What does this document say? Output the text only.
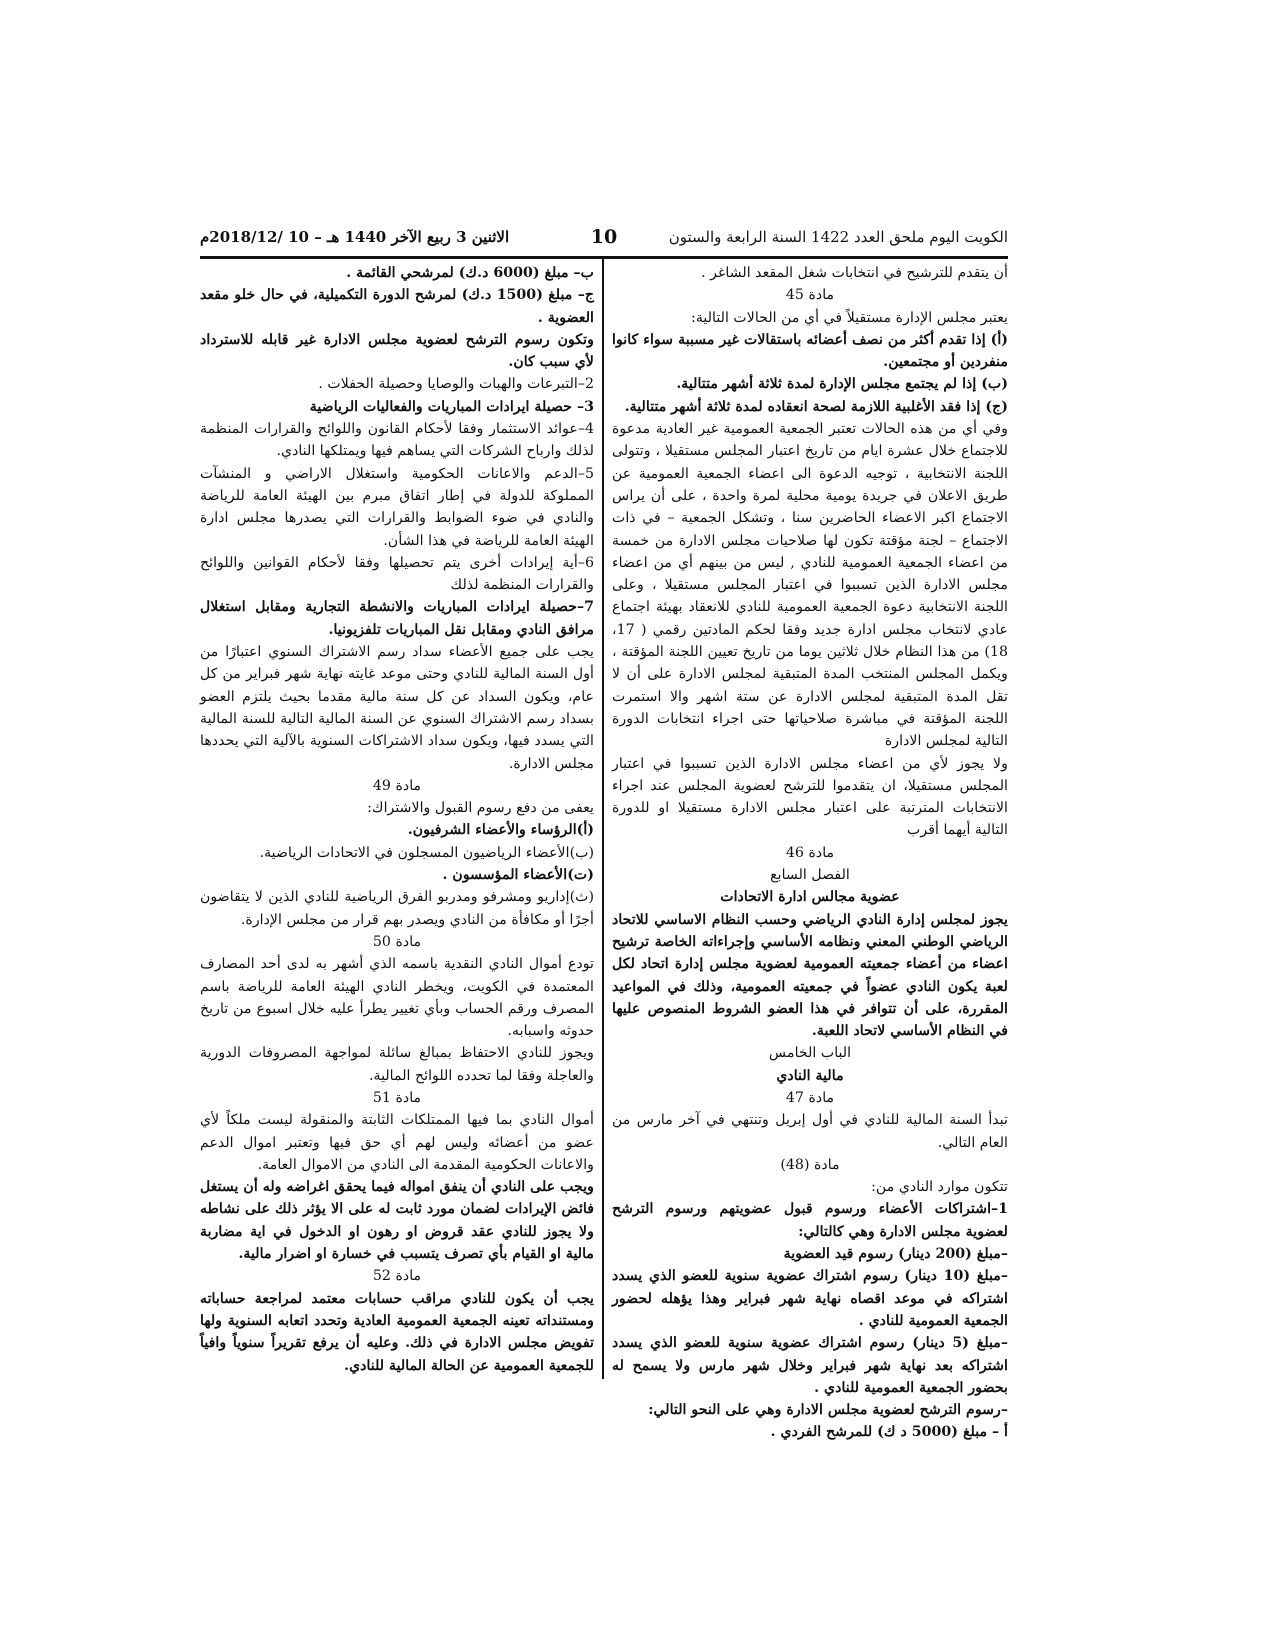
الكويت اليوم ملحق العدد 1422 السنة الرابعة والستون
10
الاثنين 3 ربيع الآخر 1440 هـ – 10 /2018/12م

أن يتقدم للترشيح في انتخابات شغل المقعد الشاغر .

مادة 45

يعتبر مجلس الإدارة مستقيلاً في أي من الحالات التالية:

(أ) إذا تقدم أكثر من نصف أعضائه باستقالات غير مسببة سواء كانوا منفردين أو مجتمعين.

(ب) إذا لم يجتمع مجلس الإدارة لمدة ثلاثة أشهر متتالية.

(ج) إذا فقد الأغلبية اللازمة لصحة انعقاده لمدة ثلاثة أشهر متتالية.

وفي أي من هذه الحالات تعتبر الجمعية العمومية غير العادية مدعوة للاجتماع خلال عشرة ايام من تاريخ اعتبار المجلس مستقيلا ، وتتولى اللجنة الانتخابية ، توجيه الدعوة الى اعضاء الجمعية العمومية عن طريق الاعلان في جريدة يومية محلية لمرة واحدة ، على أن يراس الاجتماع اكبر الاعضاء الحاضرين سنا ، وتشكل الجمعية – في ذات الاجتماع – لجنة مؤقتة تكون لها صلاحيات مجلس الادارة من خمسة من اعضاء الجمعية العمومية للنادي , ليس من بينهم أي من اعضاء مجلس الادارة الذين تسببوا في اعتبار المجلس مستقيلا ، وعلى اللجنة الانتخابية دعوة الجمعية العمومية للنادي للانعقاد بهيئة اجتماع عادي لانتخاب مجلس ادارة جديد وفقا لحكم المادتين رقمي ( 17، 18) من هذا النظام خلال ثلاثين يوما من تاريخ تعيين اللجنة المؤقتة ، ويكمل المجلس المنتخب المدة المتبقية لمجلس الادارة على أن لا تقل المدة المتبقية لمجلس الادارة عن ستة اشهر والا استمرت اللجنة المؤقتة في مباشرة صلاحياتها حتى اجراء انتخابات الدورة التالية لمجلس الادارة

ولا يجوز لأي من اعضاء مجلس الادارة الذين تسببوا في اعتبار المجلس مستقيلا، ان يتقدموا للترشح لعضوية المجلس عند اجراء الانتخابات المترتبة على اعتبار مجلس الادارة مستقيلا او للدورة التالية أيهما أقرب

مادة 46

الفصل السابع

عضوية مجالس ادارة الاتحادات

يجوز لمجلس إدارة النادي الرياضي وحسب النظام الاساسي للاتحاد الرياضي الوطني المعني ونظامه الأساسي وإجراءاته الخاصة ترشيح اعضاء من أعضاء جمعيته العمومية لعضوية مجلس إدارة اتحاد لكل لعبة يكون النادي عضواً في جمعيته العمومية، وذلك في المواعيد المقررة، على أن تتوافر في هذا العضو الشروط المنصوص عليها في النظام الأساسي لاتحاد اللعبة.

الباب الخامس

مالية النادي

مادة 47

تبدأ السنة المالية للنادي في أول إبريل وتنتهي في آخر مارس من العام التالي.

مادة (48)

تتكون موارد النادي من:

1–اشتراكات الأعضاء ورسوم قبول عضويتهم ورسوم الترشح لعضوية مجلس الادارة وهي كالتالي:

–مبلغ (200 دينار) رسوم قيد العضوية

–مبلغ (10 دينار) رسوم اشتراك عضوية سنوية للعضو الذي يسدد اشتراكه في موعد اقصاه نهاية شهر فبراير وهذا يؤهله لحضور الجمعية العمومية للنادي .

–مبلغ (5 دينار) رسوم اشتراك عضوية سنوية للعضو الذي يسدد اشتراكه بعد نهاية شهر فبراير وخلال شهر مارس ولا يسمح له بحضور الجمعية العمومية للنادي .

–رسوم الترشح لعضوية مجلس الادارة وهي على النحو التالي:

أ – مبلغ (5000 د ك) للمرشح الفردي .

ب– مبلغ (6000 د.ك) لمرشحي القائمة .

ج– مبلغ (1500 د.ك) لمرشح الدورة التكميلية، في حال خلو مقعد العضوية .

وتكون رسوم الترشح لعضوية مجلس الادارة غير قابله للاسترداد لأي سبب كان.

2–التبرعات والهبات والوصايا وحصيلة الحفلات .

3– حصيلة ايرادات المباريات والفعاليات الرياضية

4–عوائد الاستثمار وفقا لأحكام القانون واللوائح والقرارات المنظمة لذلك وارباح الشركات التي يساهم فيها ويمتلكها النادي.

5–الدعم والاعانات الحكومية واستغلال الاراضي و المنشآت المملوكة للدولة في إطار اتفاق مبرم بين الهيئة العامة للرياضة والنادي في ضوء الضوابط والقرارات التي يصدرها مجلس ادارة الهيئة العامة للرياضة في هذا الشأن.

6–أية إيرادات أخرى يتم تحصيلها وفقا لأحكام القوانين واللوائح والقرارات المنظمة لذلك

7–حصيلة ايرادات المباريات والانشطة التجارية ومقابل استغلال مرافق النادي ومقابل نقل المباريات تلفزيونيا.

يجب على جميع الأعضاء سداد رسم الاشتراك السنوي اعتبارًا من أول السنة المالية للنادي وحتى موعد غايته نهاية شهر فبراير من كل عام، ويكون السداد عن كل سنة مالية مقدما بحيث يلتزم العضو بسداد رسم الاشتراك السنوي عن السنة المالية التالية للسنة المالية التي يسدد فيها، ويكون سداد الاشتراكات السنوية بالآلية التي يحددها مجلس الادارة.

مادة 49

يعفى من دفع رسوم القبول والاشتراك:

(أ)الرؤساء والأعضاء الشرفيون.

(ب)الأعضاء الرياضيون المسجلون في الاتحادات الرياضية.

(ت)الأعضاء المؤسسون .

(ث)إداريو ومشرفو ومدربو الفرق الرياضية للنادي الذين لا يتقاضون أجرًا أو مكافأة من النادي ويصدر بهم قرار من مجلس الإدارة.

مادة 50

تودع أموال النادي النقدية باسمه الذي أشهر به لدى أحد المصارف المعتمدة في الكويت، ويخطر النادي الهيئة العامة للرياضة باسم المصرف ورقم الحساب وبأي تغيير يطرأ عليه خلال اسبوع من تاريخ حدوثه واسبابه.

ويجوز للنادي الاحتفاظ بمبالغ سائلة لمواجهة المصروفات الدورية والعاجلة وفقا لما تحدده اللوائح المالية.

مادة 51

أموال النادي بما فيها الممتلكات الثابتة والمنقولة ليست ملكاً لأي عضو من أعضائه وليس لهم أي حق فيها وتعتبر اموال الدعم والاعانات الحكومية المقدمة الى النادي من الاموال العامة.

ويجب على النادي أن ينفق امواله فيما يحقق اغراضه وله أن يستغل فائض الإيرادات لضمان مورد ثابت له على الا يؤثر ذلك على نشاطه ولا يجوز للنادي عقد قروض او رهون او الدخول في اية مضاربة مالية او القيام بأي تصرف يتسبب في خسارة او اضرار مالية.

مادة 52

يجب أن يكون للنادي مراقب حسابات معتمد لمراجعة حساباته ومستنداته تعينه الجمعية العمومية العادية وتحدد اتعابه السنوية ولها تفويض مجلس الادارة في ذلك. وعليه أن يرفع تقريراً سنوياً وافياً للجمعية العمومية عن الحالة المالية للنادي.
